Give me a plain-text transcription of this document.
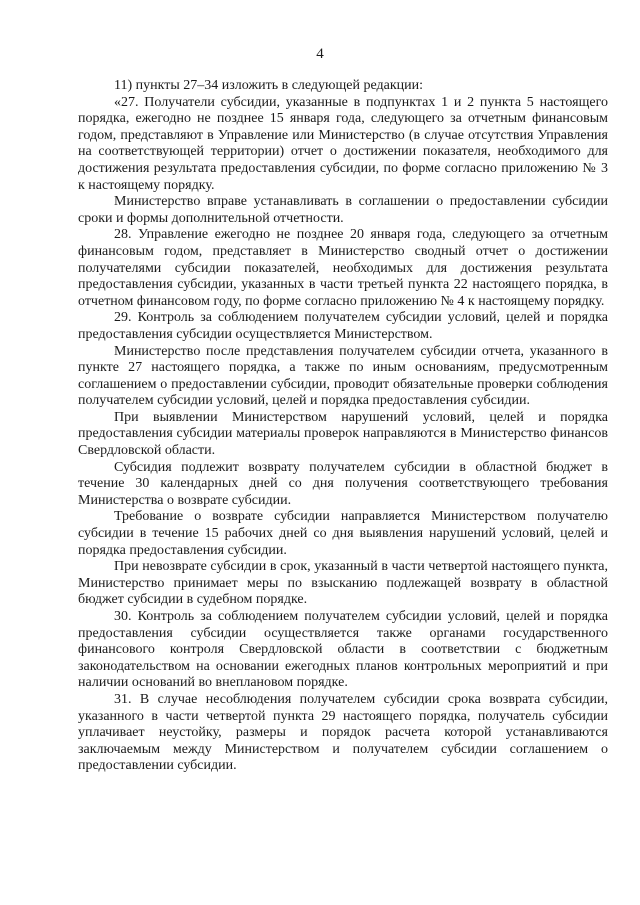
4

11) пункты 27–34 изложить в следующей редакции:

«27. Получатели субсидии, указанные в подпунктах 1 и 2 пункта 5 настоящего порядка, ежегодно не позднее 15 января года, следующего за отчетным финансовым годом, представляют в Управление или Министерство (в случае отсутствия Управления на соответствующей территории) отчет о достижении показателя, необходимого для достижения результата предоставления субсидии, по форме согласно приложению № 3 к настоящему порядку.

Министерство вправе устанавливать в соглашении о предоставлении субсидии сроки и формы дополнительной отчетности.

28. Управление ежегодно не позднее 20 января года, следующего за отчетным финансовым годом, представляет в Министерство сводный отчет о достижении получателями субсидии показателей, необходимых для достижения результата предоставления субсидии, указанных в части третьей пункта 22 настоящего порядка, в отчетном финансовом году, по форме согласно приложению № 4 к настоящему порядку.

29. Контроль за соблюдением получателем субсидии условий, целей и порядка предоставления субсидии осуществляется Министерством.

Министерство после представления получателем субсидии отчета, указанного в пункте 27 настоящего порядка, а также по иным основаниям, предусмотренным соглашением о предоставлении субсидии, проводит обязательные проверки соблюдения получателем субсидии условий, целей и порядка предоставления субсидии.

При выявлении Министерством нарушений условий, целей и порядка предоставления субсидии материалы проверок направляются в Министерство финансов Свердловской области.

Субсидия подлежит возврату получателем субсидии в областной бюджет в течение 30 календарных дней со дня получения соответствующего требования Министерства о возврате субсидии.

Требование о возврате субсидии направляется Министерством получателю субсидии в течение 15 рабочих дней со дня выявления нарушений условий, целей и порядка предоставления субсидии.

При невозврате субсидии в срок, указанный в части четвертой настоящего пункта, Министерство принимает меры по взысканию подлежащей возврату в областной бюджет субсидии в судебном порядке.

30. Контроль за соблюдением получателем субсидии условий, целей и порядка предоставления субсидии осуществляется также органами государственного финансового контроля Свердловской области в соответствии с бюджетным законодательством на основании ежегодных планов контрольных мероприятий и при наличии оснований во внеплановом порядке.

31. В случае несоблюдения получателем субсидии срока возврата субсидии, указанного в части четвертой пункта 29 настоящего порядка, получатель субсидии уплачивает неустойку, размеры и порядок расчета которой устанавливаются заключаемым между Министерством и получателем субсидии соглашением о предоставлении субсидии.
